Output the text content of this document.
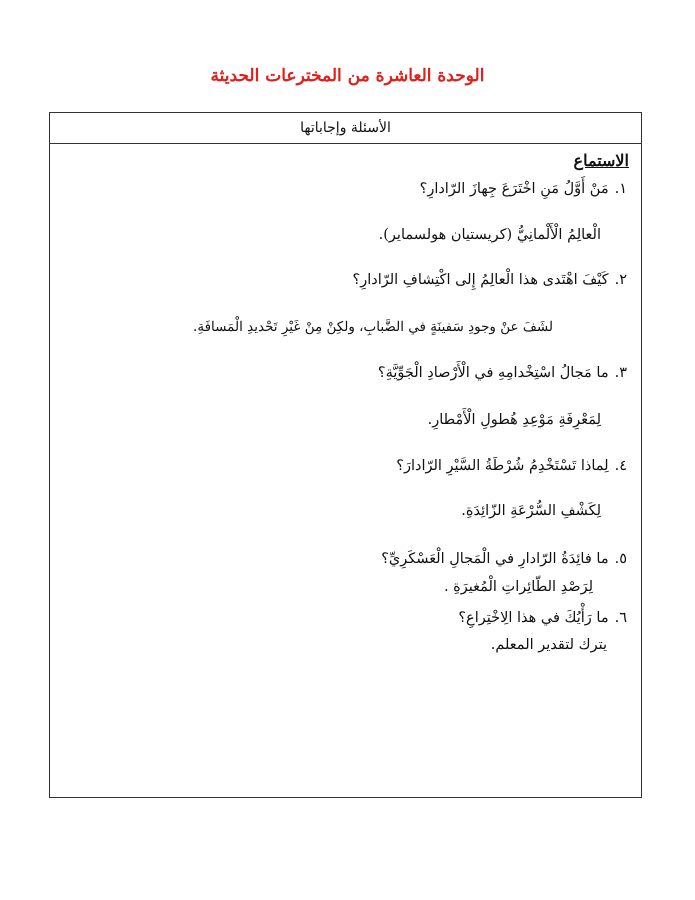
الوحدة العاشرة من المخترعات الحديثة
الأسئلة وإجاباتها
الاستماع
١.مَنْ أَوَّلُ مَنِ اخْتَرَعَ جِهازَ الرّادارِ؟
الْعالِمُ الْأَلْمانِيُّ (كريستيان هولسماير).
٢.كَيْفَ اهْتَدى هذا الْعالِمُ إِلى اكْتِشافِ الرّادارِ؟
لشَفَ عنْ وجودِ سَفينَةٍ في الضَّبابِ، ولكِنْ مِنْ غَيْرِ تَحْديدِ الْمَسافَةِ.
٣.ما مَجالُ اسْتِخْدامِهِ في الْأَرْصادِ الْجَوِّيَّةِ؟
لِمَعْرِفَةِ مَوْعِدِ هُطولِ الْأَمْطارِ.
٤.لِماذا تَسْتَخْدِمُ شُرْطَةُ السَّيْرِ الرّادارَ؟
لِكَشْفِ السُّرْعَةِ الزّائِدَةِ.
٥.ما فائِدَةُ الرّادارِ في الْمَجالِ الْعَسْكَرِيِّ؟
لِرَصْدِ الطّائِراتِ الْمُغيرَةِ .
٦.ما رَأْيُكَ في هذا الِاخْتِراعِ؟
يترك لتقدير المعلم.
